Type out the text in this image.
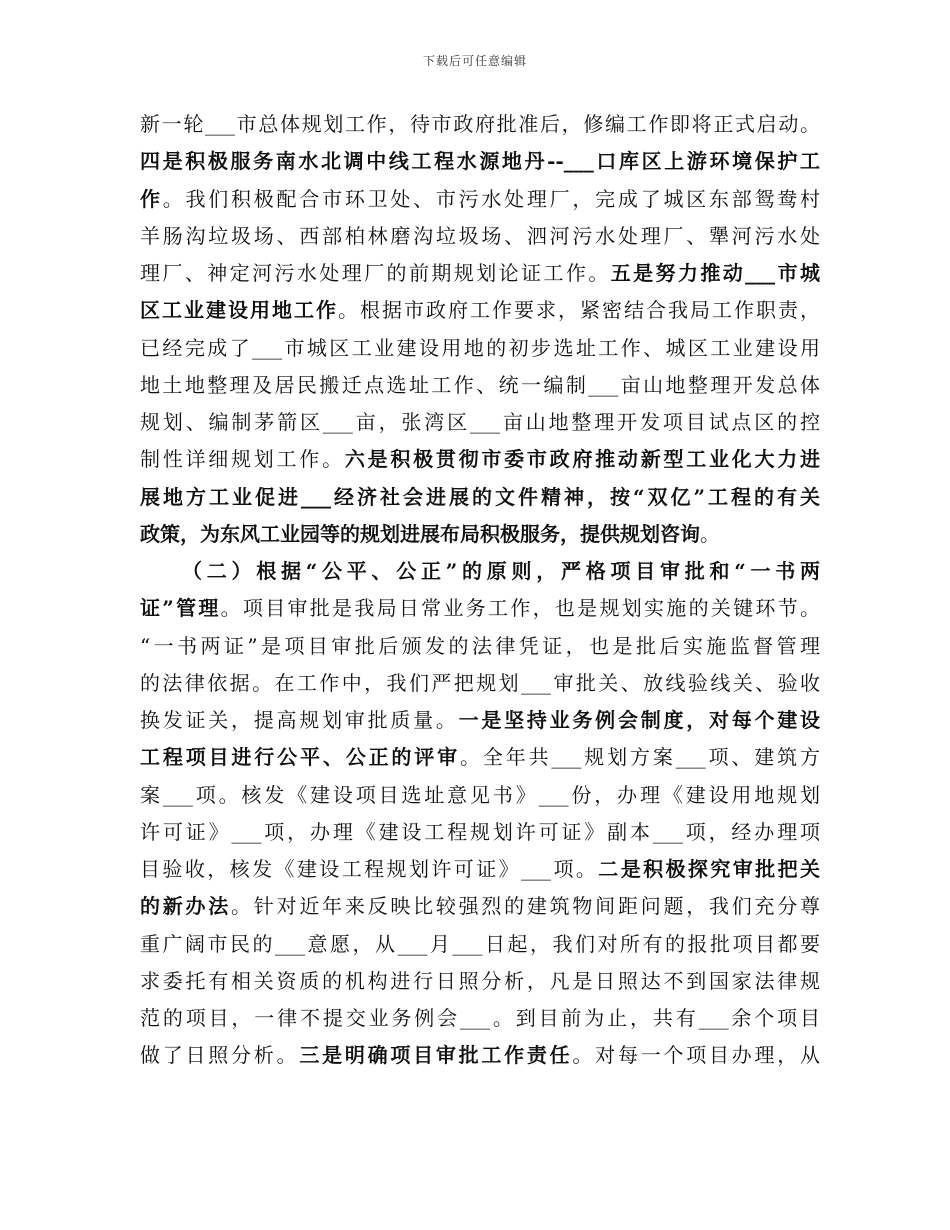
下载后可任意编辑
新一轮___市总体规划工作，待市政府批准后，修编工作即将正式启动。
四是积极服务南水北调中线工程水源地丹--___口库区上游环境保护工
作。我们积极配合市环卫处、市污水处理厂，完成了城区东部鸳鸯村
羊肠沟垃圾场、西部柏林磨沟垃圾场、泗河污水处理厂、犟河污水处
理厂、神定河污水处理厂的前期规划论证工作。五是努力推动___市城
区工业建设用地工作。根据市政府工作要求，紧密结合我局工作职责，
已经完成了___市城区工业建设用地的初步选址工作、城区工业建设用
地土地整理及居民搬迁点选址工作、统一编制___亩山地整理开发总体
规划、编制茅箭区___亩，张湾区___亩山地整理开发项目试点区的控
制性详细规划工作。六是积极贯彻市委市政府推动新型工业化大力进
展地方工业促进___经济社会进展的文件精神，按“双亿”工程的有关
政策，为东风工业园等的规划进展布局积极服务，提供规划咨询。
（二）根据“公平、公正”的原则，严格项目审批和“一书两
证”管理。项目审批是我局日常业务工作，也是规划实施的关键环节。
“一书两证”是项目审批后颁发的法律凭证，也是批后实施监督管理
的法律依据。在工作中，我们严把规划___审批关、放线验线关、验收
换发证关，提高规划审批质量。一是坚持业务例会制度，对每个建设
工程项目进行公平、公正的评审。全年共___规划方案___项、建筑方
案___项。核发《建设项目选址意见书》___份，办理《建设用地规划
许可证》___项，办理《建设工程规划许可证》副本___项，经办理项
目验收，核发《建设工程规划许可证》___项。二是积极探究审批把关
的新办法。针对近年来反映比较强烈的建筑物间距问题，我们充分尊
重广阔市民的___意愿，从___月___日起，我们对所有的报批项目都要
求委托有相关资质的机构进行日照分析，凡是日照达不到国家法律规
范的项目，一律不提交业务例会___。到目前为止，共有___余个项目
做了日照分析。三是明确项目审批工作责任。对每一个项目办理，从
